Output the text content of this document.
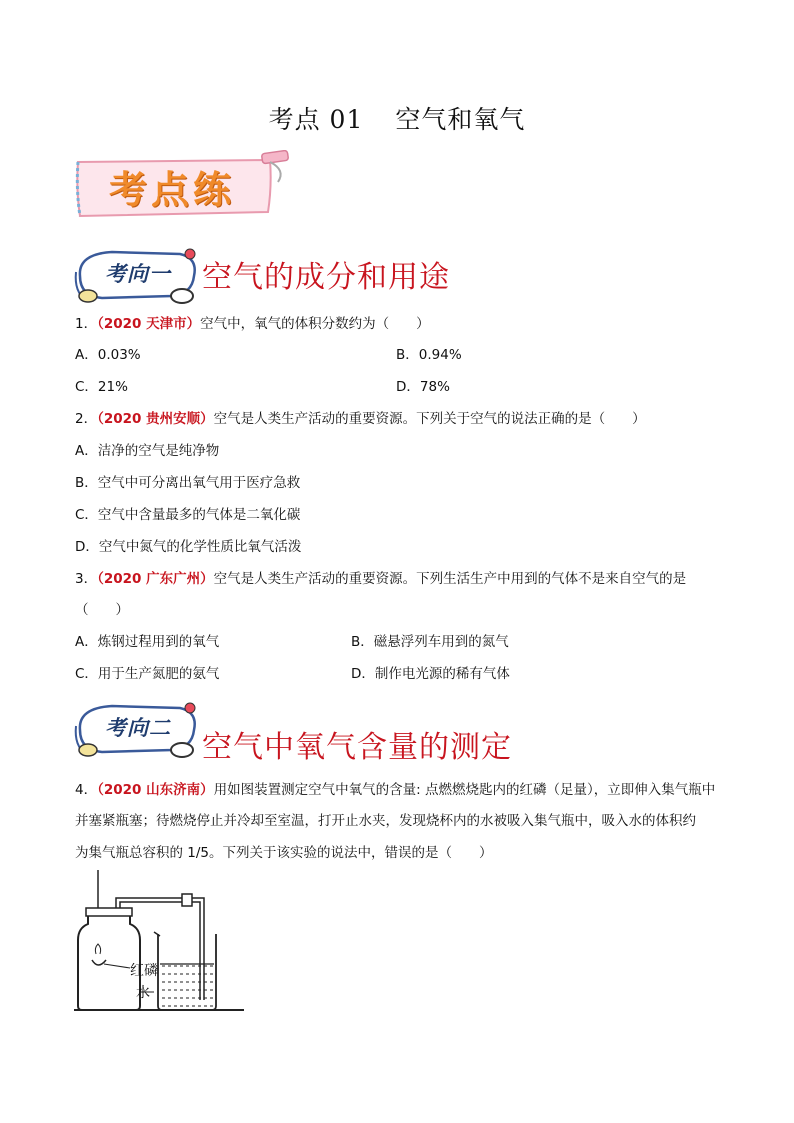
考点 01 空气和氧气
考点练
考向一	空气的成分和用途
1．（2020 天津市）空气中，氧气的体积分数约为（　　）
A．0.03%	B．0.94%
C．21%	D．78%
2．（2020 贵州安顺）空气是人类生产活动的重要资源。下列关于空气的说法正确的是（　　）
A．洁净的空气是纯净物
B．空气中可分离出氧气用于医疗急救
C．空气中含量最多的气体是二氧化碳
D．空气中氮气的化学性质比氧气活泼
3．（2020 广东广州）空气是人类生产活动的重要资源。下列生活生产中用到的气体不是来自空气的是
（　　）
A．炼钢过程用到的氧气	B．磁悬浮列车用到的氮气
C．用于生产氮肥的氨气	D．制作电光源的稀有气体
考向二
空气中氧气含量的测定
4．（2020 山东济南）用如图装置测定空气中氧气的含量: 点燃燃烧匙内的红磷（足量），立即伸入集气瓶中
并塞紧瓶塞；待燃烧停止并冷却至室温，打开止水夹，发现烧杯内的水被吸入集气瓶中，吸入水的体积约
为集气瓶总容积的 1/5。下列关于该实验的说法中，错误的是（　　）
红磷
水
